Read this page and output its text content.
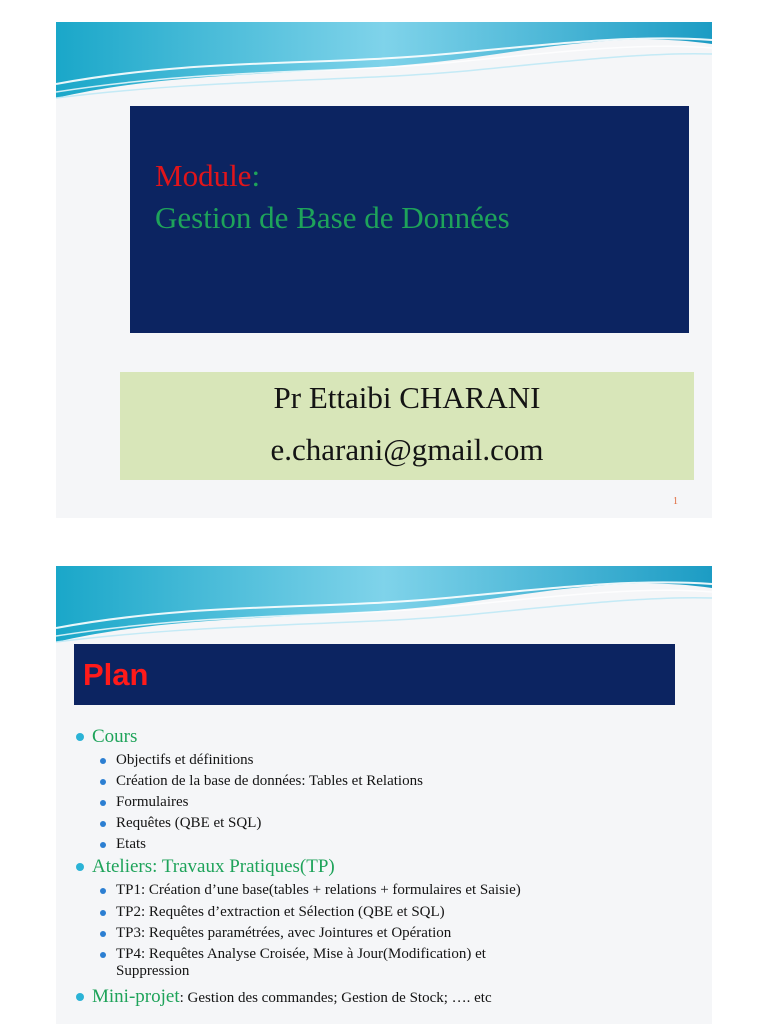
Module:
Gestion de Base de Données
Pr Ettaibi CHARANI
e.charani@gmail.com
1
Plan
Cours
Objectifs et définitions
Création de la base de données: Tables et Relations
Formulaires
Requêtes (QBE et SQL)
Etats
Ateliers: Travaux Pratiques(TP)
TP1: Création d’une base(tables + relations + formulaires et Saisie)
TP2: Requêtes d’extraction et Sélection (QBE et SQL)
TP3: Requêtes paramétrées, avec Jointures et Opération
TP4: Requêtes Analyse Croisée, Mise à Jour(Modification) et
Suppression
Mini-projet: Gestion des commandes; Gestion de Stock; …. etc
